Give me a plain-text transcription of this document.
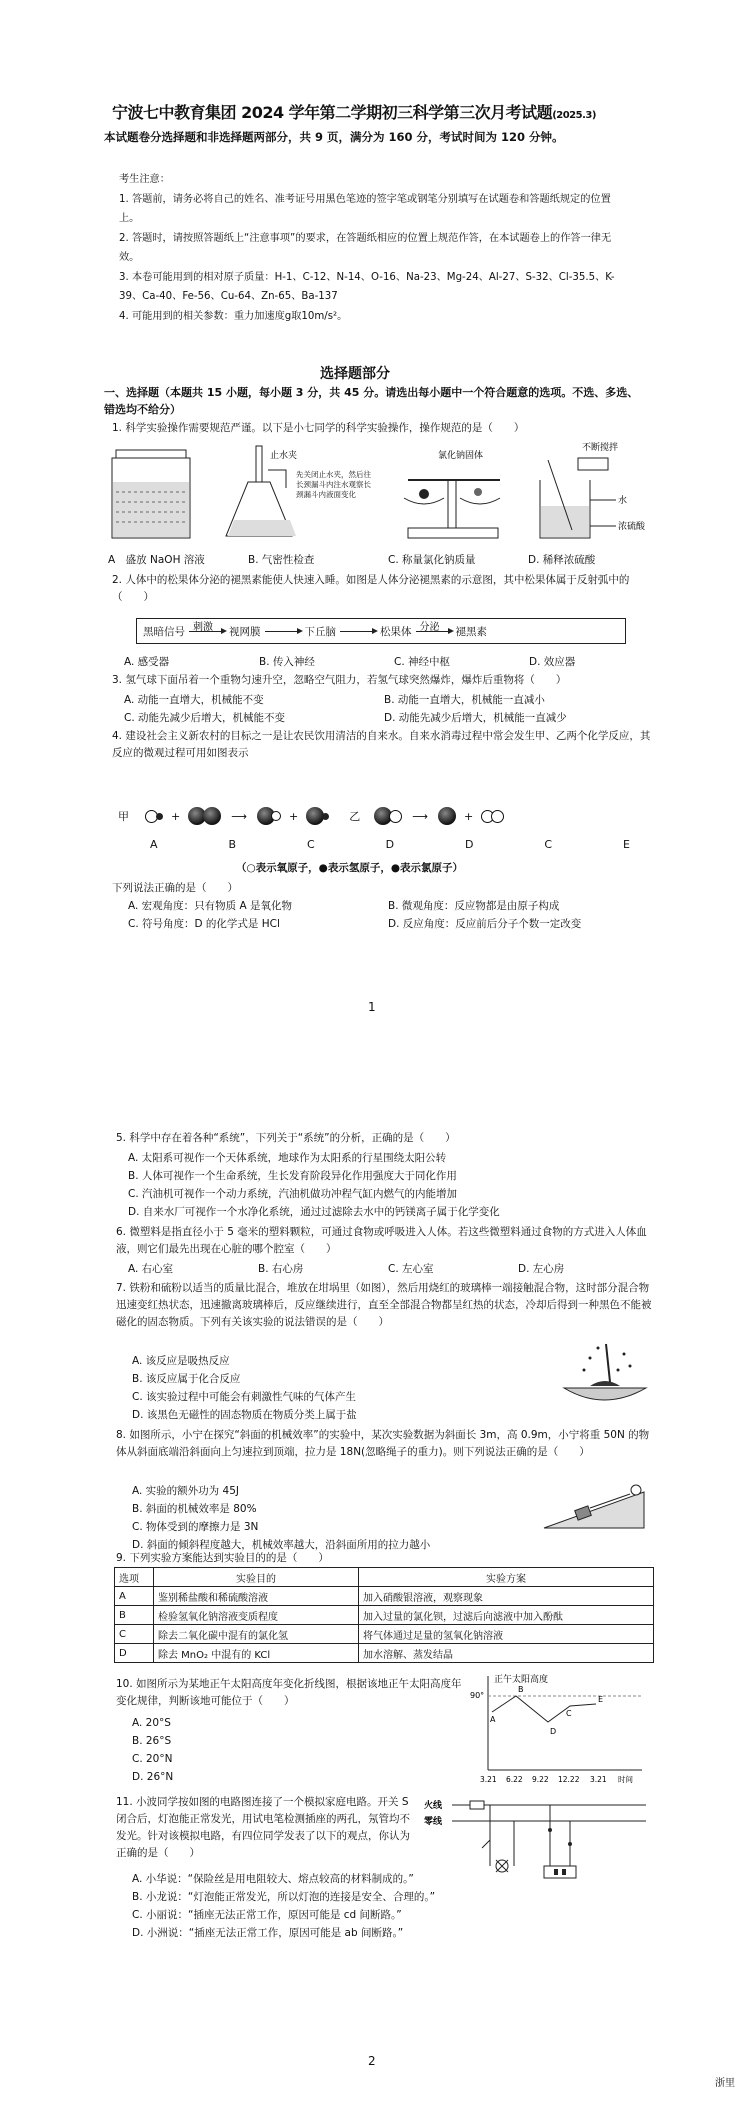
宁波七中教育集团 2024 学年第二学期初三科学第三次月考试题(2025.3)
本试题卷分选择题和非选择题两部分，共 9 页，满分为 160 分，考试时间为 120 分钟。

考生注意：

1. 答题前，请务必将自己的姓名、准考证号用黑色笔迹的签字笔或钢笔分别填写在试题卷和答题纸规定的位置上。

2. 答题时，请按照答题纸上“注意事项”的要求，在答题纸相应的位置上规范作答，在本试题卷上的作答一律无效。

3. 本卷可能用到的相对原子质量：H-1、C-12、N-14、O-16、Na-23、Mg-24、Al-27、S-32、Cl-35.5、K-39、Ca-40、Fe-56、Cu-64、Zn-65、Ba-137

4. 可能用到的相关参数：重力加速度g取10m/s²。

选择题部分
一、选择题（本题共 15 小题，每小题 3 分，共 45 分。请选出每小题中一个符合题意的选项。不选、多选、错选均不给分）
1. 科学实验操作需要规范严谨。以下是小七同学的科学实验操作，操作规范的是（　　）
止水夹
先关闭止水夹，然后往长颈漏斗内注水观察长颈漏斗内液面变化
氯化钠固体
不断搅拌
水
浓硫酸
A　盛放 NaOH 溶液	B. 气密性检查	C. 称量氯化钠质量	D. 稀释浓硫酸
2. 人体中的松果体分泌的褪黑素能使人快速入睡。如图是人体分泌褪黑素的示意图，其中松果体属于反射弧中的（　　）
黑暗信号 刺激 视网膜	下丘脑	松果体 分泌 褪黑素
A. 感受器	B. 传入神经	C. 神经中枢	D. 效应器
3. 氢气球下面吊着一个重物匀速升空，忽略空气阻力，若氢气球突然爆炸，爆炸后重物将（　　）
A. 动能一直增大，机械能不变	B. 动能一直增大，机械能一直减小
C. 动能先减少后增大，机械能不变	D. 动能先减少后增大，机械能一直减少
4. 建设社会主义新农村的目标之一是让农民饮用清洁的自来水。自来水消毒过程中常会发生甲、乙两个化学反应，其反应的微观过程可用如图表示
甲	+	⟶	+	乙	⟶	+
A	B	C	D	D	C	E
（○表示氧原子，●表示氢原子，●表示氯原子）
下列说法正确的是（　　）
A. 宏观角度：只有物质 A 是氧化物	B. 微观角度：反应物都是由原子构成
C. 符号角度：D 的化学式是 HCl	D. 反应角度：反应前后分子个数一定改变
1
5. 科学中存在着各种“系统”，下列关于“系统”的分析，正确的是（　　）
A. 太阳系可视作一个天体系统，地球作为太阳系的行星围绕太阳公转
B. 人体可视作一个生命系统，生长发育阶段异化作用强度大于同化作用
C. 汽油机可视作一个动力系统，汽油机做功冲程气缸内燃气的内能增加
D. 自来水厂可视作一个水净化系统，通过过滤除去水中的钙镁离子属于化学变化
6. 微塑料是指直径小于 5 毫米的塑料颗粒，可通过食物或呼吸进入人体。若这些微塑料通过食物的方式进入人体血液，则它们最先出现在心脏的哪个腔室（　　）
A. 右心室	B. 右心房	C. 左心室	D. 左心房
7. 铁粉和硫粉以适当的质量比混合，堆放在坩埚里（如图），然后用烧红的玻璃棒一端接触混合物，这时部分混合物迅速变红热状态，迅速撤离玻璃棒后，反应继续进行，直至全部混合物都呈红热的状态，冷却后得到一种黑色不能被磁化的固态物质。下列有关该实验的说法错误的是（　　）
A. 该反应是吸热反应
B. 该反应属于化合反应
C. 该实验过程中可能会有刺激性气味的气体产生
D. 该黑色无磁性的固态物质在物质分类上属于盐
8. 如图所示，小宁在探究“斜面的机械效率”的实验中，某次实验数据为斜面长 3m，高 0.9m，小宁将重 50N 的物体从斜面底端沿斜面向上匀速拉到顶端，拉力是 18N(忽略绳子的重力)。则下列说法正确的是（　　）
A. 实验的额外功为 45J
B. 斜面的机械效率是 80%
C. 物体受到的摩擦力是 3N
D. 斜面的倾斜程度越大，机械效率越大，沿斜面所用的拉力越小
9. 下列实验方案能达到实验目的的是（　　）
选项	实验目的	实验方案
A	鉴别稀盐酸和稀硫酸溶液	加入硝酸银溶液，观察现象
B	检验氢氧化钠溶液变质程度	加入过量的氯化钡，过滤后向滤液中加入酚酞
C	除去二氧化碳中混有的氯化氢	将气体通过足量的氢氧化钠溶液
D	除去 MnO₂ 中混有的 KCl	加水溶解、蒸发结晶
10. 如图所示为某地正午太阳高度年变化折线图，根据该地正午太阳高度年变化规律，判断该地可能位于（　　）
A. 20°S
B. 26°S
C. 20°N
D. 26°N
正午太阳高度
90°
A
B
D
C
E
3.21 6.22 9.22 12.22 3.21 时间
11. 小波同学按如图的电路图连接了一个模拟家庭电路。开关 S 闭合后，灯泡能正常发光，用试电笔检测插座的两孔，氖管均不发光。针对该模拟电路，有四位同学发表了以下的观点，你认为正确的是（　　）
火线
零线
A. 小华说：“保险丝是用电阻较大、熔点较高的材料制成的。”
B. 小龙说：“灯泡能正常发光，所以灯泡的连接是安全、合理的。”
C. 小丽说：“插座无法正常工作，原因可能是 cd 间断路。”
D. 小洲说：“插座无法正常工作，原因可能是 ab 间断路。”
2
浙里
